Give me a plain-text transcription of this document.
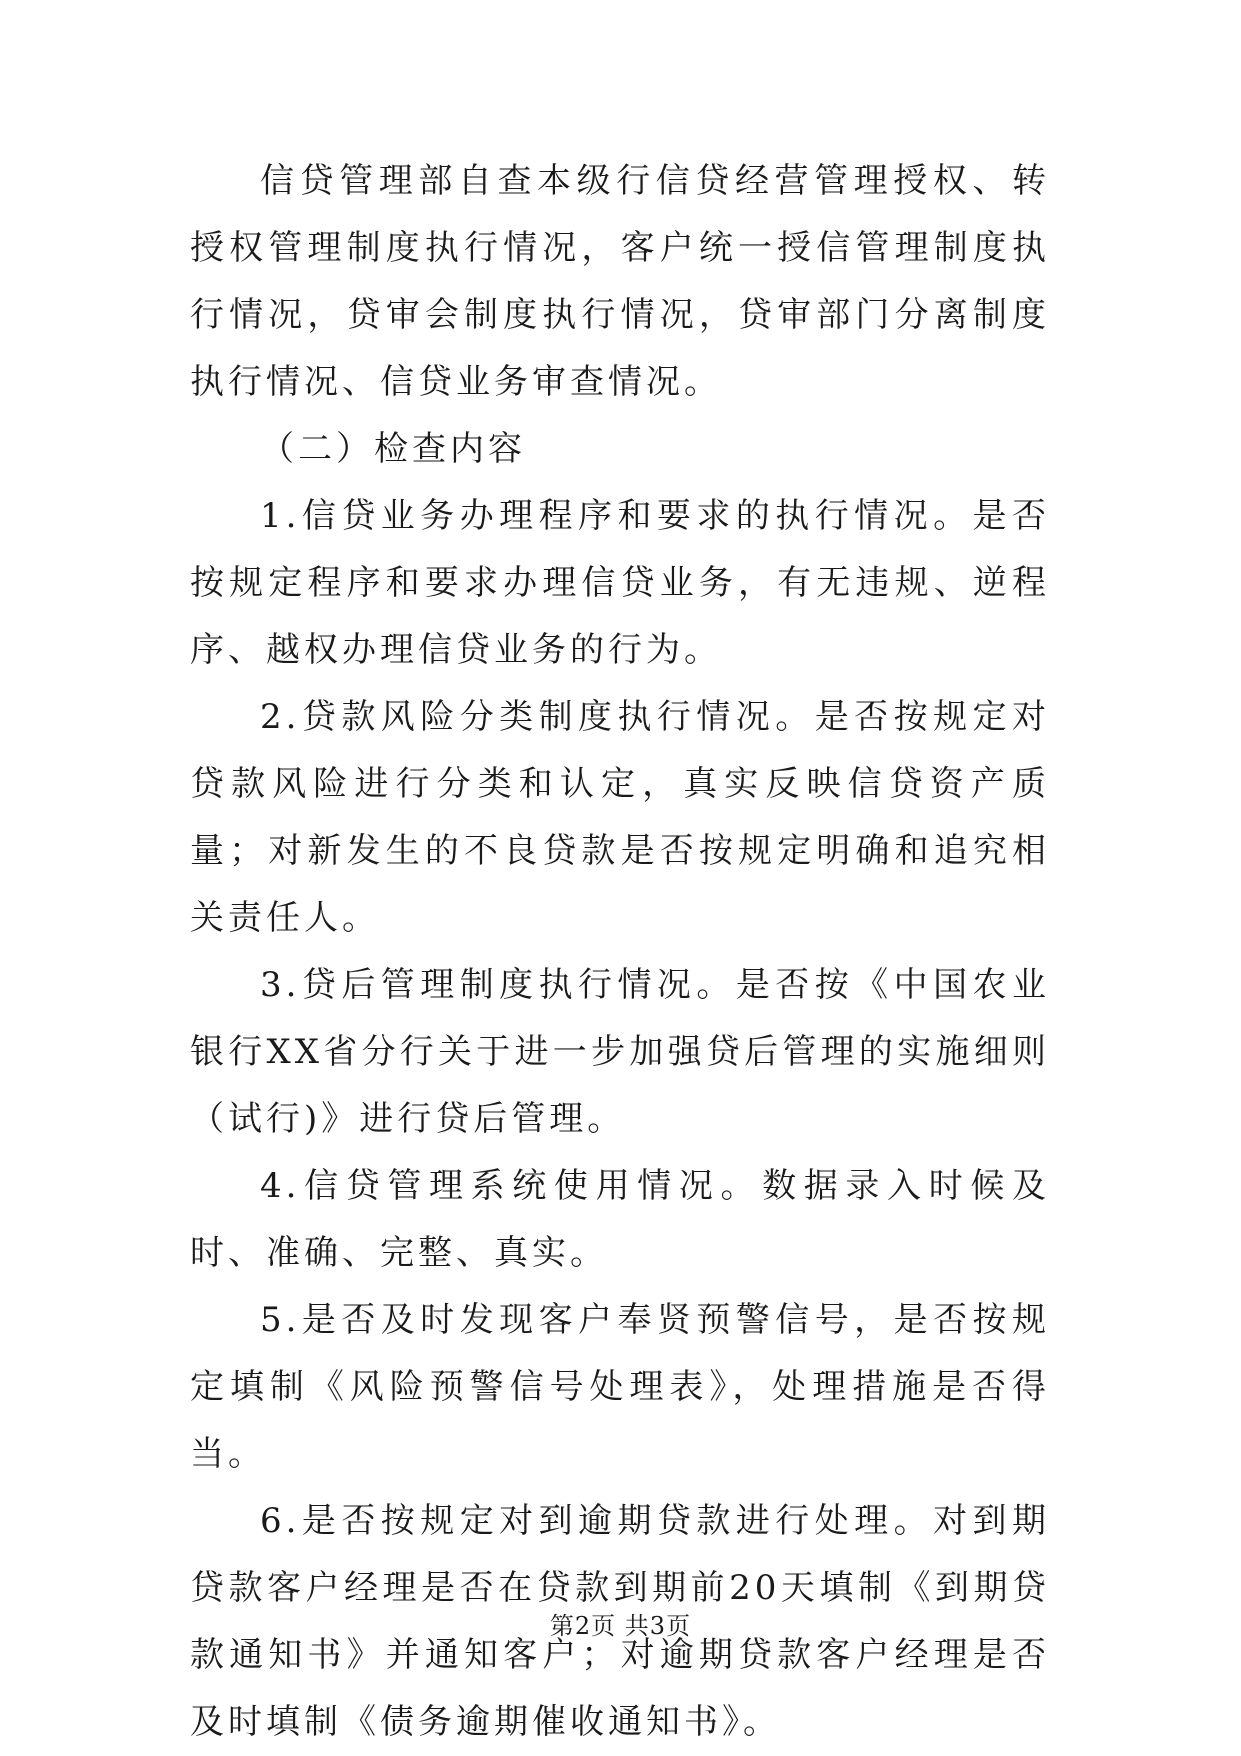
信贷管理部自查本级行信贷经营管理授权、转授权管理制度执行情况，客户统一授信管理制度执行情况，贷审会制度执行情况，贷审部门分离制度执行情况、信贷业务审查情况。

（二）检查内容

1.信贷业务办理程序和要求的执行情况。是否按规定程序和要求办理信贷业务，有无违规、逆程序、越权办理信贷业务的行为。

2.贷款风险分类制度执行情况。是否按规定对贷款风险进行分类和认定，真实反映信贷资产质量；对新发生的不良贷款是否按规定明确和追究相关责任人。

3.贷后管理制度执行情况。是否按《中国农业银行XX省分行关于进一步加强贷后管理的实施细则（试行)》进行贷后管理。

4.信贷管理系统使用情况。数据录入时候及时、准确、完整、真实。

5.是否及时发现客户奉贤预警信号，是否按规定填制《风险预警信号处理表》，处理措施是否得当。

6.是否按规定对到逾期贷款进行处理。对到期贷款客户经理是否在贷款到期前20天填制《到期贷款通知书》并通知客户；对逾期贷款客户经理是否及时填制《债务逾期催收通知书》。

第2页 共3页
